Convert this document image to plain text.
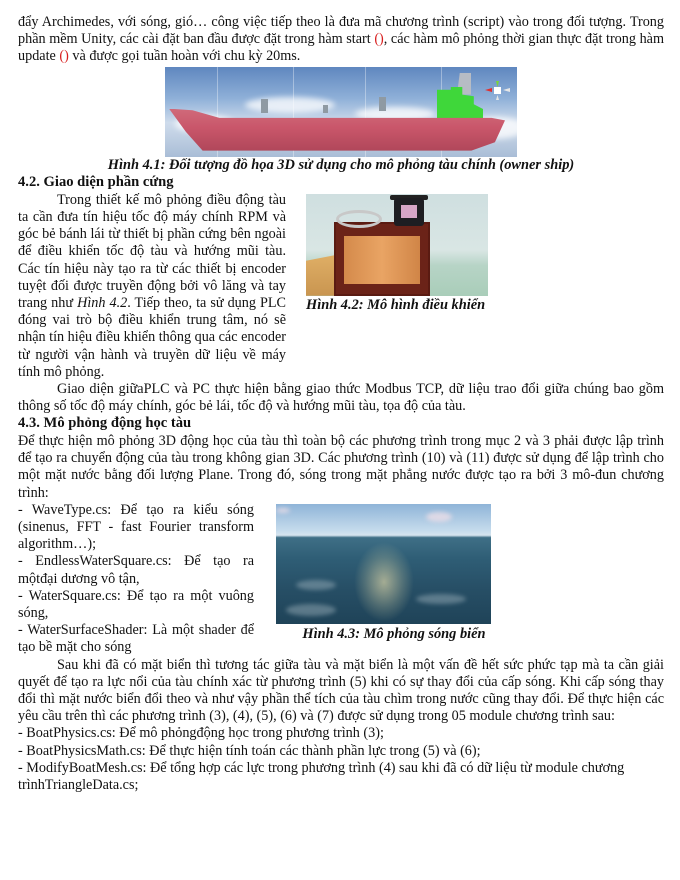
đẩy Archimedes, với sóng, gió… công việc tiếp theo là đưa mã chương trình (script) vào trong đối tượng. Trong phần mềm Unity, các cài đặt ban đầu được đặt trong hàm start (), các hàm mô phỏng thời gian thực đặt trong hàm update () và được gọi tuần hoàn với chu kỳ 20ms.

Hình 4.1: Đối tượng đồ họa 3D sử dụng cho mô phỏng tàu chính (owner ship)

4.2. Giao diện phần cứng

Trong thiết kế mô phỏng điều động tàu ta cần đưa tín hiệu tốc độ máy chính RPM và góc bẻ bánh lái từ thiết bị phần cứng bên ngoài để điều khiển tốc độ tàu và hướng mũi tàu. Các tín hiệu này tạo ra từ các thiết bị encoder tuyệt đối được truyền động bởi vô lăng và tay trang như Hình 4.2. Tiếp theo, ta sử dụng PLC đóng vai trò bộ điều khiển trung tâm, nó sẽ nhận tín hiệu điều khiển thông qua các encoder từ người vận hành và truyền dữ liệu về máy tính mô phỏng.

Hình 4.2: Mô hình điều khiển

Giao diện giữaPLC và PC thực hiện bằng giao thức Modbus TCP, dữ liệu trao đổi giữa chúng bao gồm thông số tốc độ máy chính, góc bẻ lái, tốc độ và hướng mũi tàu, tọa độ của tàu.

4.3. Mô phỏng động học tàu

Để thực hiện mô phỏng 3D động học của tàu thì toàn bộ các phương trình trong mục 2 và 3 phải được lập trình để tạo ra chuyển động của tàu trong không gian 3D. Các phương trình (10) và (11) được sử dụng để lập trình cho một mặt nước bằng đối lượng Plane. Trong đó, sóng trong mặt phẳng nước được tạo ra bởi 3 mô-đun chương trình:

- WaveType.cs: Để tạo ra kiểu sóng (sinenus, FFT - fast Fourier transform algorithm…);

- EndlessWaterSquare.cs: Để tạo ra mộtđại dương vô tận,

- WaterSquare.cs: Để tạo ra một vuông sóng,

- WaterSurfaceShader: Là một shader để tạo bề mặt cho sóng

Hình 4.3: Mô phỏng sóng biển

Sau khi đã có mặt biển thì tương tác giữa tàu và mặt biển là một vấn đề hết sức phức tạp mà ta cần giải quyết để tạo ra lực nổi của tàu chính xác từ phương trình (5) khi có sự thay đổi của cấp sóng. Khi cấp sóng thay đổi thì mặt nước biển đổi theo và như vậy phần thể tích của tàu chìm trong nước cũng thay đổi. Để thực hiện các yêu cầu trên thì các phương trình (3), (4), (5), (6) và (7) được sử dụng trong 05 module chương trình sau:

- BoatPhysics.cs: Để mô phỏngđộng học trong phương trình (3);

- BoatPhysicsMath.cs: Để thực hiện tính toán các thành phần lực trong (5) và (6);

- ModifyBoatMesh.cs: Để tổng hợp các lực trong phương trình (4) sau khi đã có dữ liệu từ module chương trìnhTriangleData.cs;
